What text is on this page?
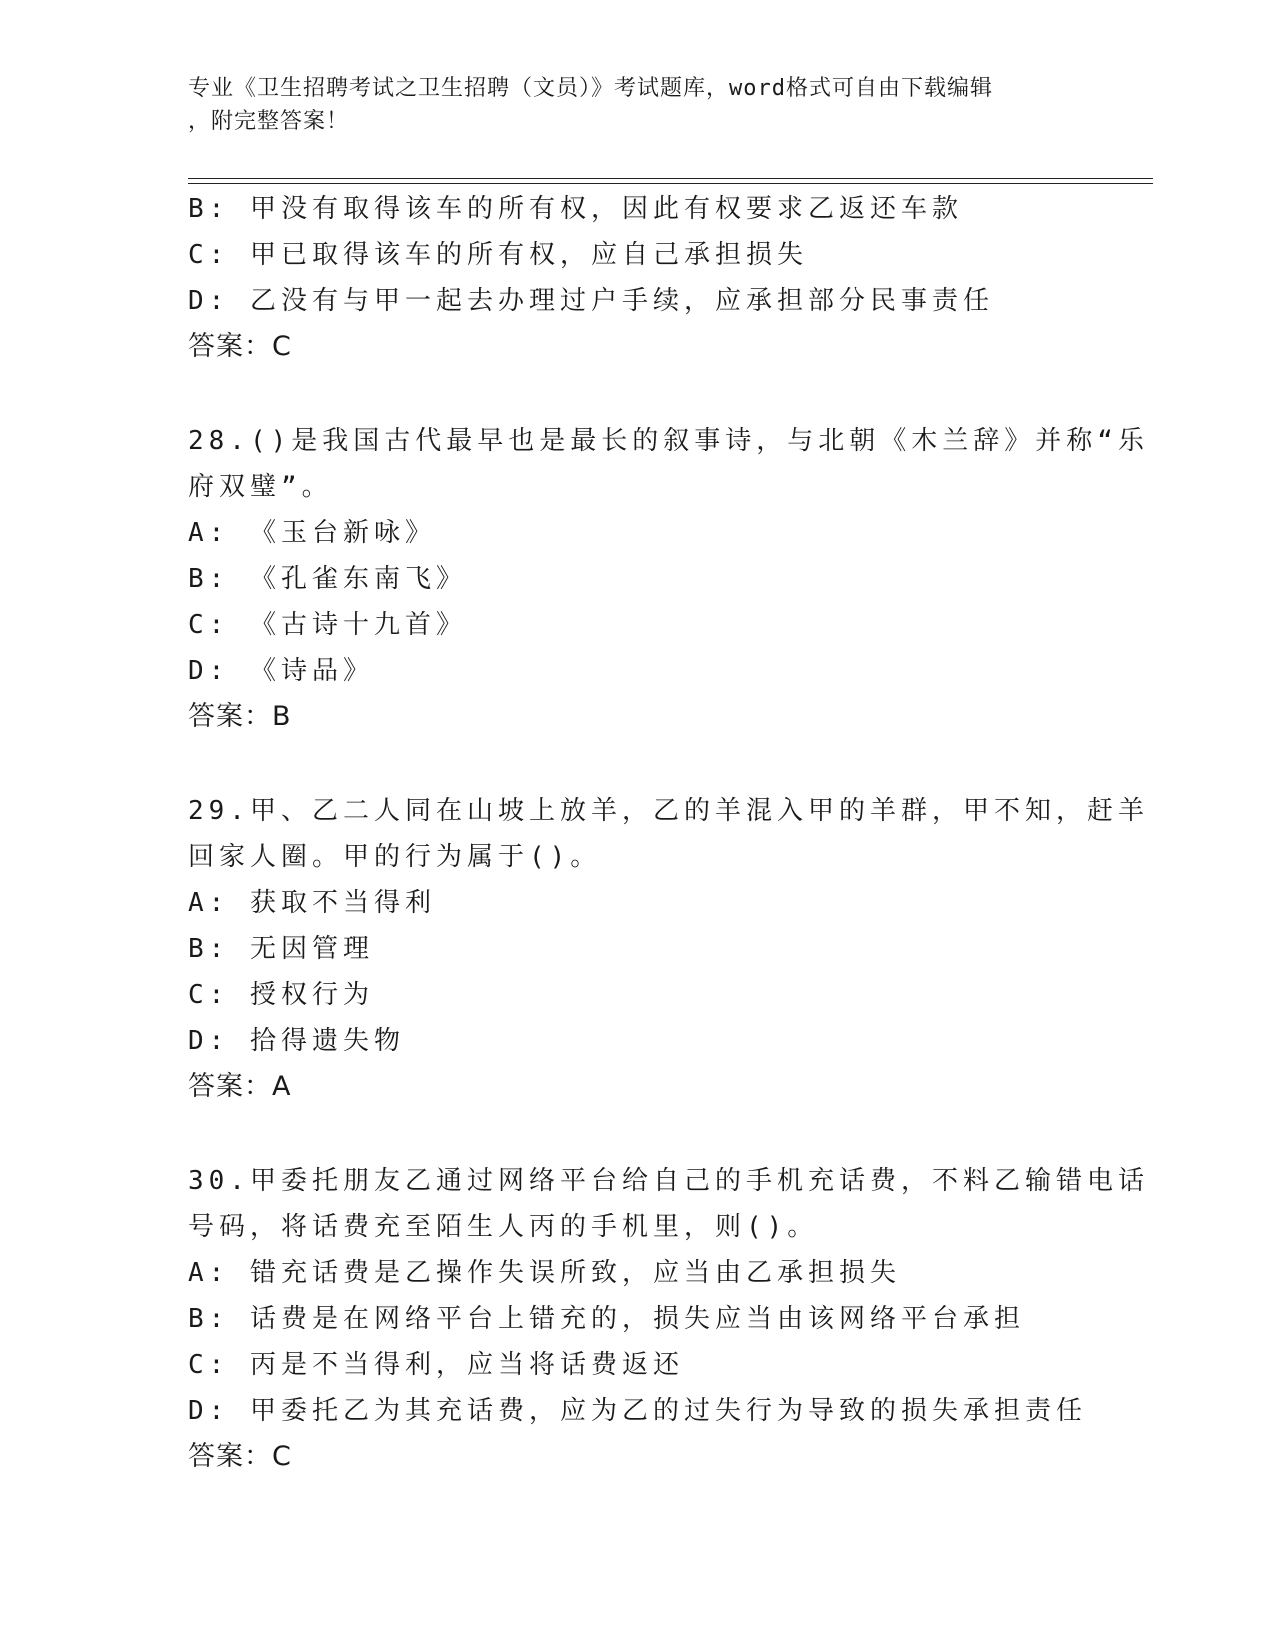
专业《卫生招聘考试之卫生招聘（文员）》考试题库，word格式可自由下载编辑
，附完整答案！
B: 甲没有取得该车的所有权，因此有权要求乙返还车款
C: 甲已取得该车的所有权，应自己承担损失
D: 乙没有与甲一起去办理过户手续，应承担部分民事责任
答案：C
28.()是我国古代最早也是最长的叙事诗，与北朝《木兰辞》并称“乐
府双璧”。
A: 《玉台新咏》
B: 《孔雀东南飞》
C: 《古诗十九首》
D: 《诗品》
答案：B
29.甲、乙二人同在山坡上放羊，乙的羊混入甲的羊群，甲不知，赶羊
回家人圈。甲的行为属于()。
A: 获取不当得利
B: 无因管理
C: 授权行为
D: 拾得遗失物
答案：A
30.甲委托朋友乙通过网络平台给自己的手机充话费，不料乙输错电话
号码，将话费充至陌生人丙的手机里，则()。
A: 错充话费是乙操作失误所致，应当由乙承担损失
B: 话费是在网络平台上错充的，损失应当由该网络平台承担
C: 丙是不当得利，应当将话费返还
D: 甲委托乙为其充话费，应为乙的过失行为导致的损失承担责任
答案：C
